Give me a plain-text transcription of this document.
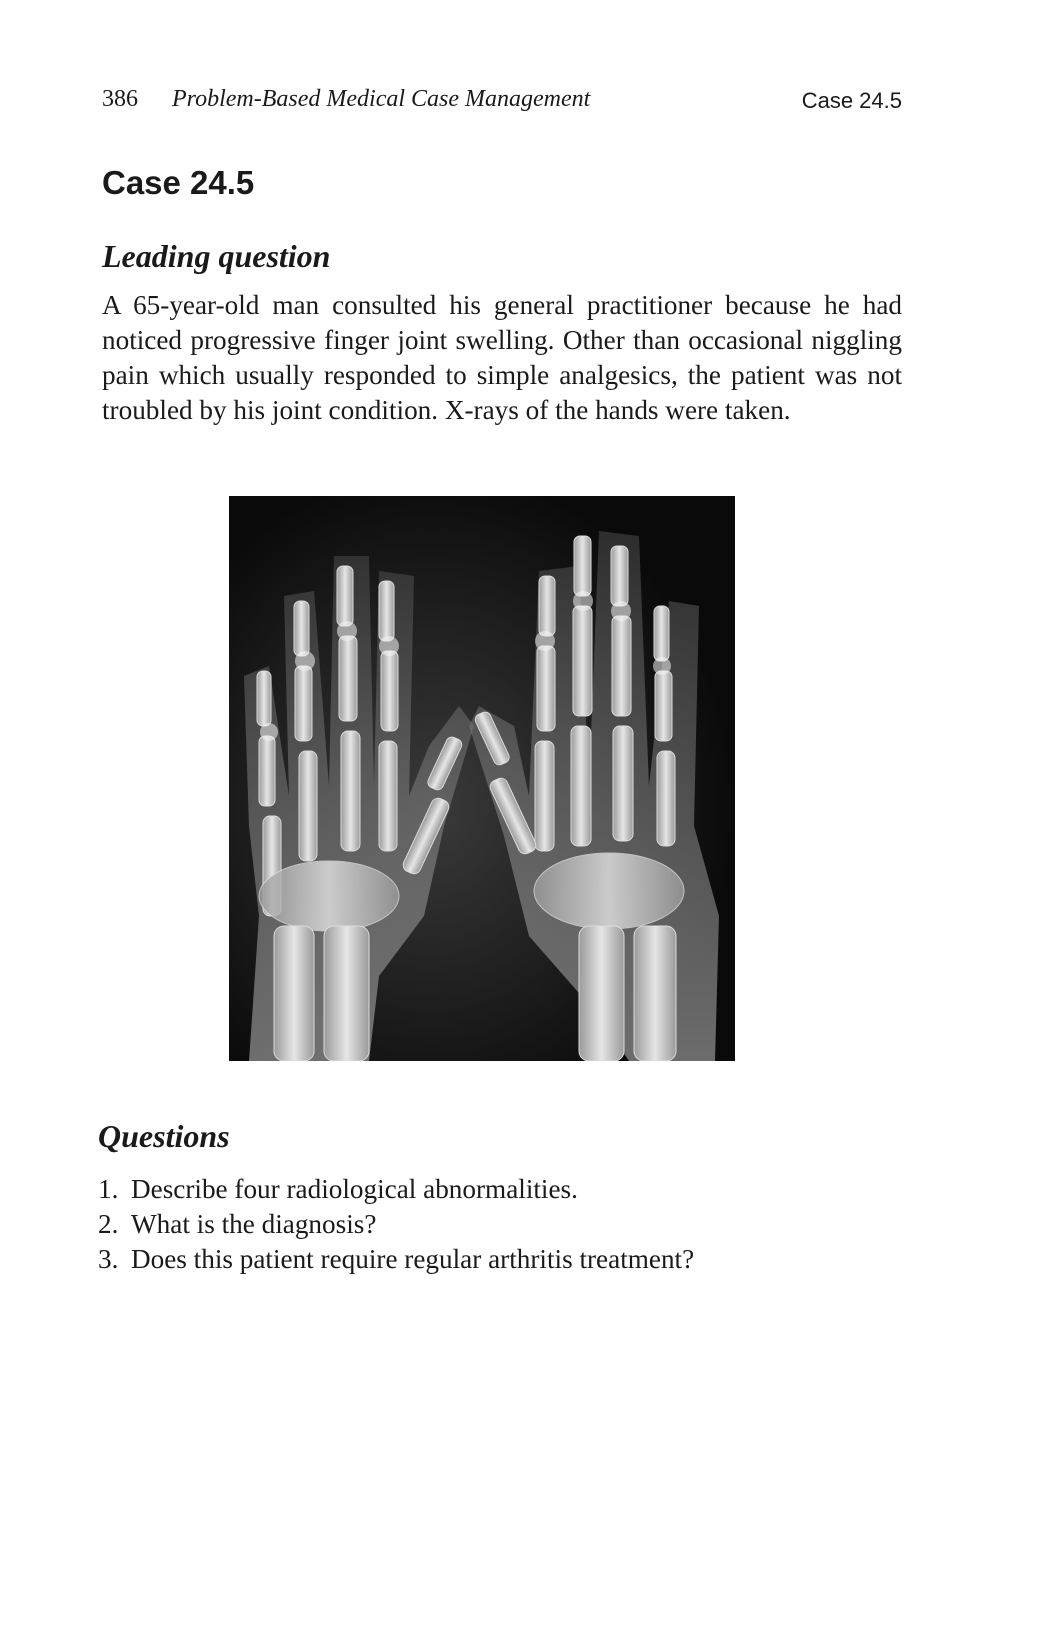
386 Problem-Based Medical Case Management	Case 24.5
Case 24.5
Leading question

A 65-year-old man consulted his general practitioner because he had noticed progressive finger joint swelling. Other than occasional niggling pain which usually responded to simple analgesics, the patient was not troubled by his joint condition. X-rays of the hands were taken.

Questions
1. Describe four radiological abnormalities.
2. What is the diagnosis?
3. Does this patient require regular arthritis treatment?
